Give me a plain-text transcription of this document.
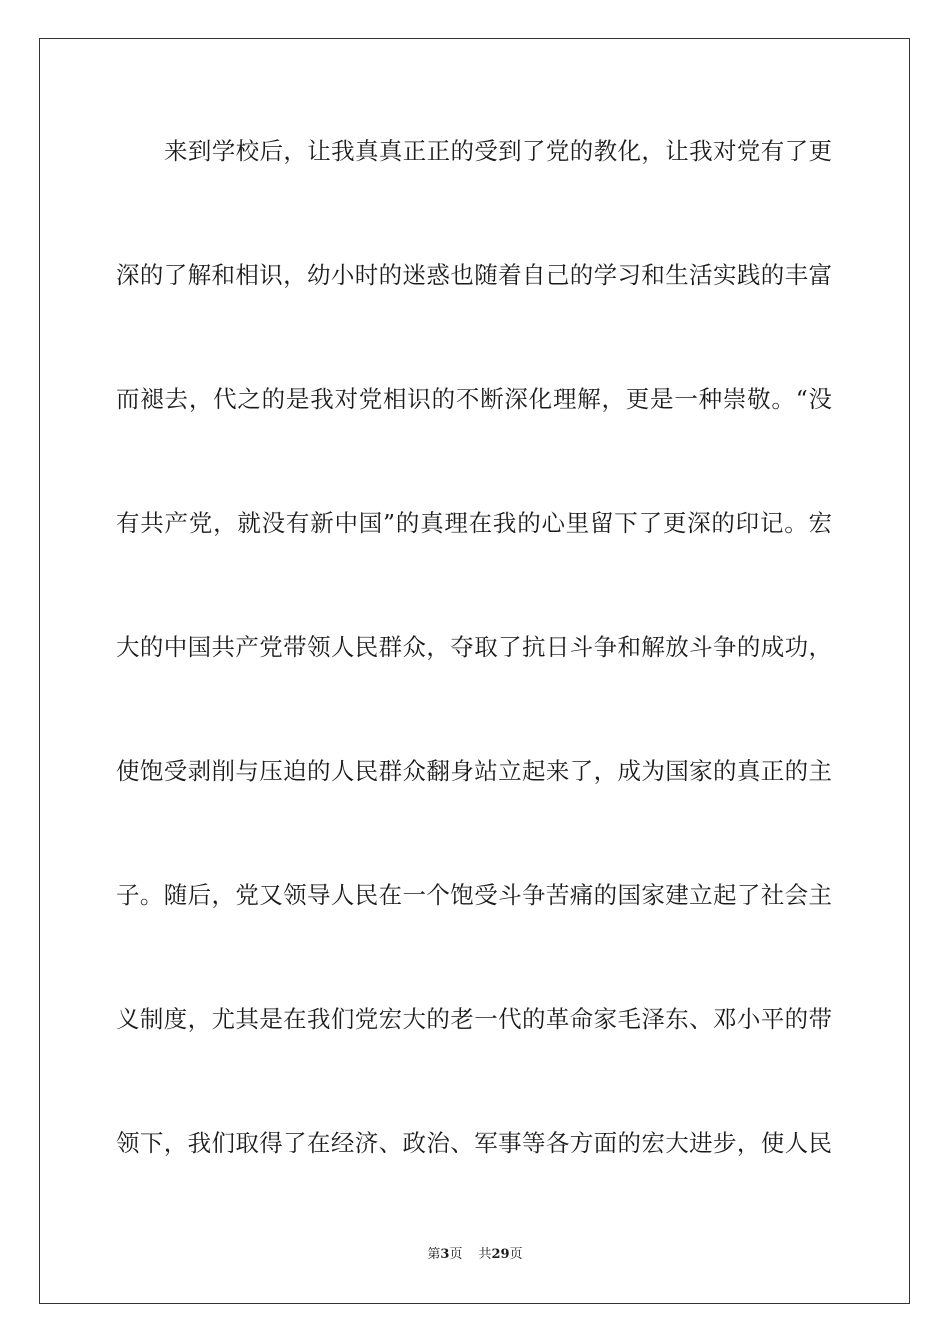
来到学校后，让我真真正正的受到了党的教化，让我对党有了更
深的了解和相识，幼小时的迷惑也随着自己的学习和生活实践的丰富
而褪去，代之的是我对党相识的不断深化理解，更是一种崇敬。“没
有共产党，就没有新中国”的真理在我的心里留下了更深的印记。宏
大的中国共产党带领人民群众，夺取了抗日斗争和解放斗争的成功，
使饱受剥削与压迫的人民群众翻身站立起来了，成为国家的真正的主
子。随后，党又领导人民在一个饱受斗争苦痛的国家建立起了社会主
义制度，尤其是在我们党宏大的老一代的革命家毛泽东、邓小平的带
领下，我们取得了在经济、政治、军事等各方面的宏大进步，使人民
第3页 共29页
